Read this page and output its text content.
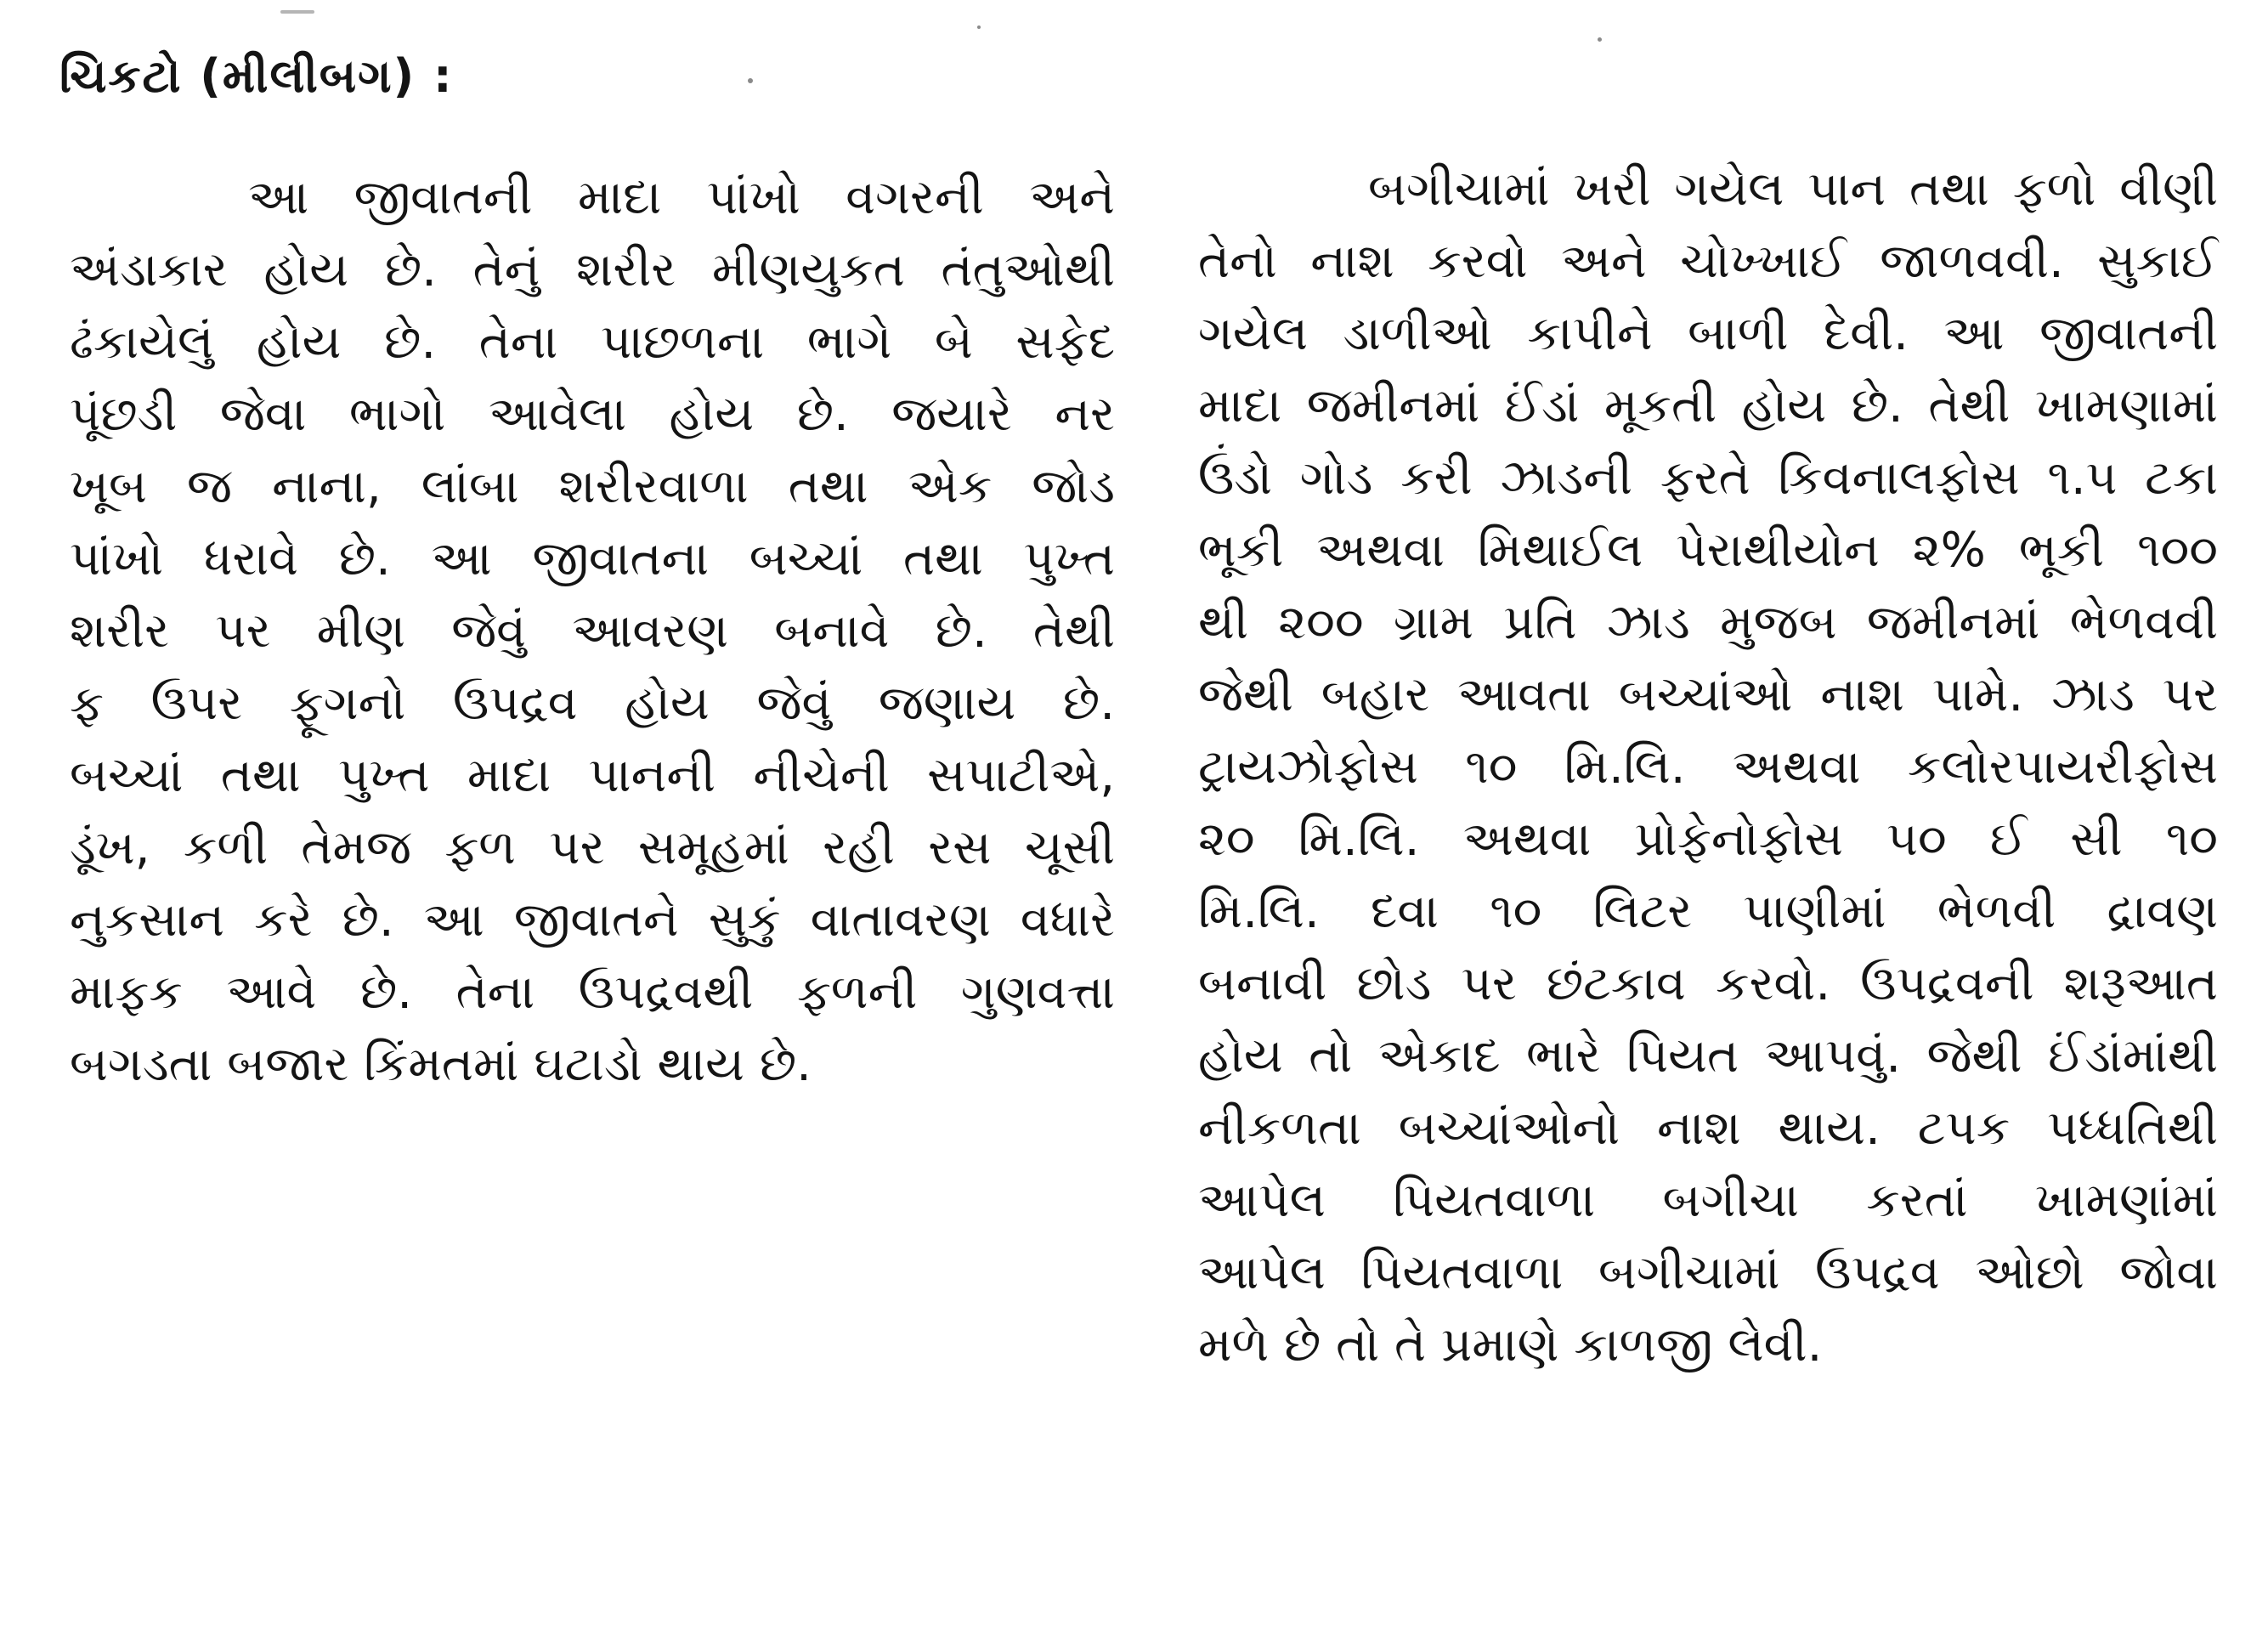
ચિકટો (મીલીબગ) :
આ જીવાતની માદા પાંખો વગરની અને
અંડાકાર હોય છે. તેનું શરીર મીણયુકત તંતુઓથી
ઢંકાયેલું હોય છે. તેના પાછળના ભાગે બે સફેદ
પૂંછડી જેવા ભાગો આવેલા હોય છે. જયારે નર
ખૂબ જ નાના, લાંબા શરીરવાળા તથા એક જોડ
પાંખો ધરાવે છે. આ જીવાતના બચ્ચાં તથા પુખ્ત
શરીર પર મીણ જેવું આવરણ બનાવે છે. તેથી
ફ ઉપર ફૂગનો ઉપદ્રવ હોય જેવું જણાય છે.
બચ્ચાં તથા પુખ્ત માદા પાનની નીચેની સપાટીએ,
ડૂંખ, કળી તેમજ ફળ પર સમૂહમાં રહી રસ ચૂસી
નુકસાન કરે છે. આ જીવાતને સુકું વાતાવરણ વધારે
માફક આવે છે. તેના ઉપદ્રવથી ફળની ગુણવત્તા
બગડતા બજાર કિંમતમાં ઘટાડો થાય છે.
બગીચામાં ખરી ગયેલ પાન તથા ફળો વીણી
તેનો નાશ કરવો અને ચોખ્ખાઈ જાળવવી. સુકાઈ
ગયેલ ડાળીઓ કાપીને બાળી દેવી. આ જીવાતની
માદા જમીનમાં ઈંડાં મૂકતી હોય છે. તેથી ખામણામાં
ઉંડો ગોડ કરી ઝાડની ફરતે કિવનાલફોસ ૧.૫ ટકા
ભૂકી અથવા મિથાઈલ પેરાથીયોન ૨% ભૂકી ૧૦૦
થી ૨૦૦ ગ્રામ પ્રતિ ઝાડ મુજબ જમીનમાં ભેળવવી
જેથી બહાર આવતા બચ્ચાંઓ નાશ પામે. ઝાડ પર
ટ્રાયઝોફોસ ૧૦ મિ.લિ. અથવા કલોરપાયરીફોસ
૨૦ મિ.લિ. અથવા પ્રોફેનોફોસ ૫૦ ઈ સી ૧૦
મિ.લિ. દવા ૧૦ લિટર પાણીમાં ભેળવી દ્રાવણ
બનાવી છોડ પર છંટકાવ કરવો. ઉપદ્રવની શરૂઆત
હોય તો એકાદ ભારે પિયત આપવું. જેથી ઈંડાંમાંથી
નીકળતા બચ્ચાંઓનો નાશ થાય. ટપક પધ્ધતિથી
આપેલ પિયતવાળા બગીચા કરતાં ખામણાંમાં
આપેલ પિયતવાળા બગીચામાં ઉપદ્રવ ઓછો જોવા
મળે છે તો તે પ્રમાણે કાળજી લેવી.
